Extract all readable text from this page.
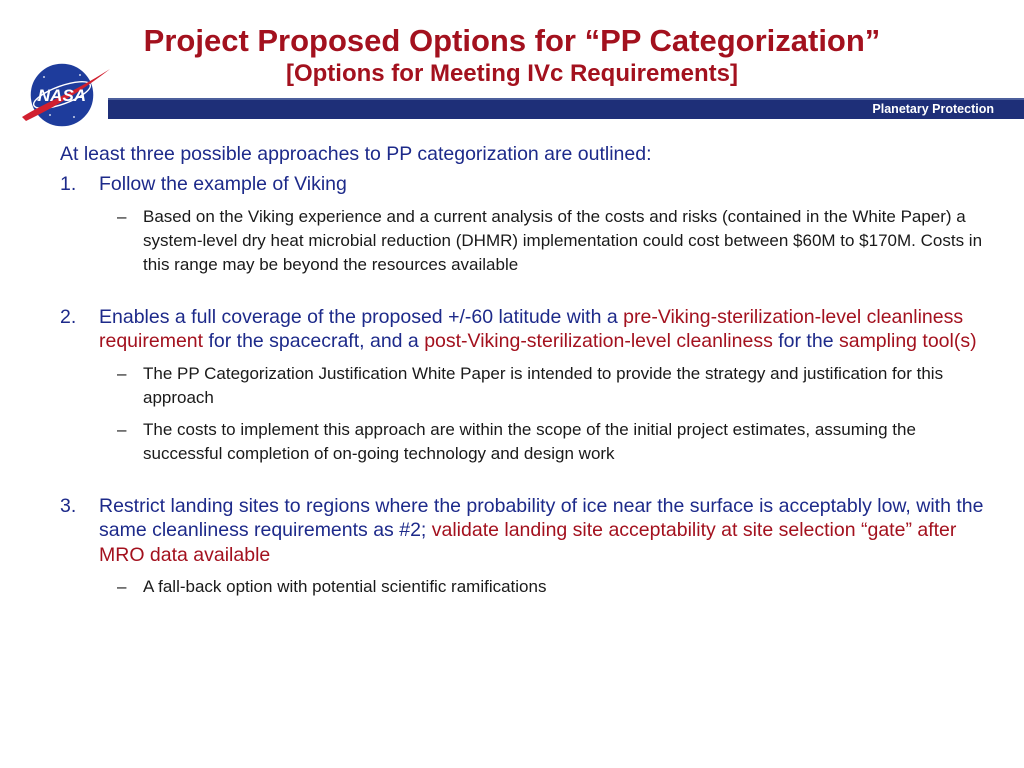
Project Proposed Options for “PP Categorization”
[Options for Meeting IVc Requirements]
Planetary Protection
NASA

At least three possible approaches to PP categorization are outlined:

1. Follow the example of Viking
– Based on the Viking experience and a current analysis of the costs and risks (contained in the White Paper) a system-level dry heat microbial reduction (DHMR) implementation could cost between $60M to $170M. Costs in this range may be beyond the resources available
2. Enables a full coverage of the proposed +/-60 latitude with a pre-Viking-sterilization-level cleanliness requirement for the spacecraft, and a post-Viking-sterilization-level cleanliness for the sampling tool(s)
– The PP Categorization Justification White Paper is intended to provide the strategy and justification for this approach
– The costs to implement this approach are within the scope of the initial project estimates, assuming the successful completion of on-going technology and design work
3. Restrict landing sites to regions where the probability of ice near the surface is acceptably low, with the same cleanliness requirements as #2; validate landing site acceptability at site selection “gate” after MRO data available
– A fall-back option with potential scientific ramifications
